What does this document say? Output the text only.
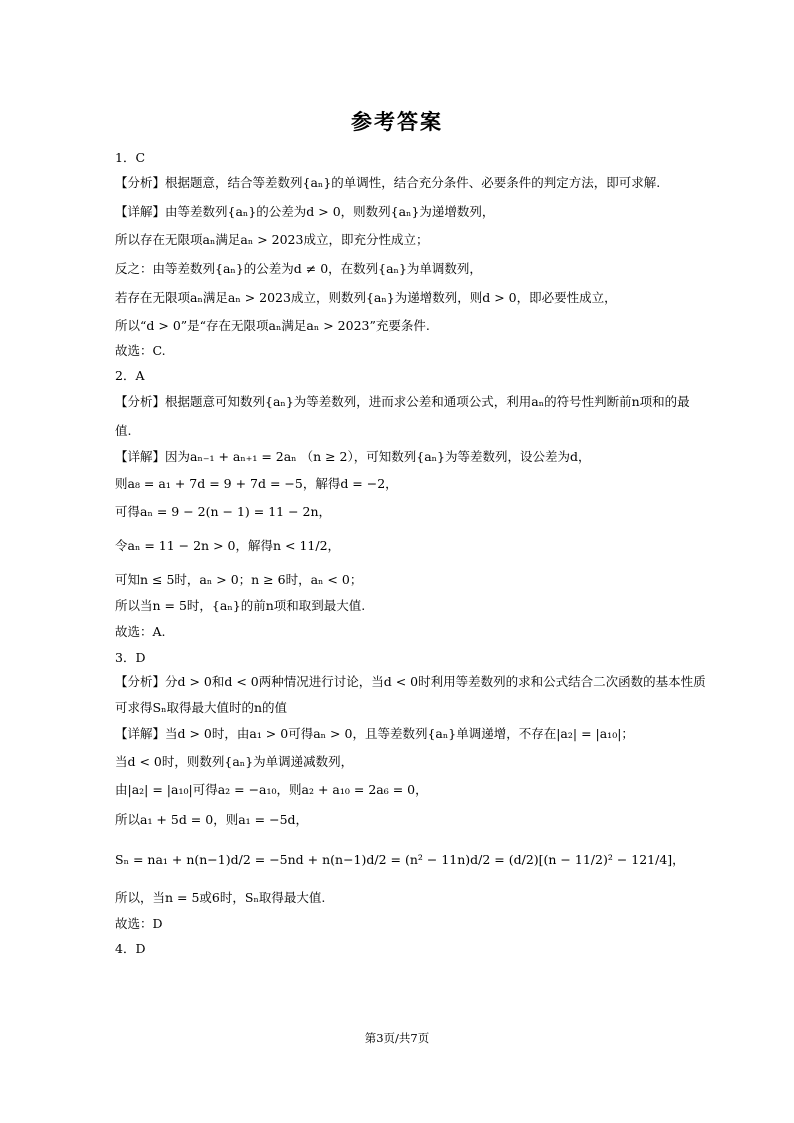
参考答案
1．C
【分析】根据题意，结合等差数列{aₙ}的单调性，结合充分条件、必要条件的判定方法，即可求解.
【详解】由等差数列{aₙ}的公差为d > 0，则数列{aₙ}为递增数列，
所以存在无限项aₙ满足aₙ > 2023成立，即充分性成立；
反之：由等差数列{aₙ}的公差为d ≠ 0，在数列{aₙ}为单调数列，
若存在无限项aₙ满足aₙ > 2023成立，则数列{aₙ}为递增数列，则d > 0，即必要性成立，
所以“d > 0”是“存在无限项aₙ满足aₙ > 2023”充要条件.
故选：C.
2．A
【分析】根据题意可知数列{aₙ}为等差数列，进而求公差和通项公式，利用aₙ的符号性判断前n项和的最
值.
【详解】因为aₙ₋₁ + aₙ₊₁ = 2aₙ （n ≥ 2），可知数列{aₙ}为等差数列，设公差为d，
则a₈ = a₁ + 7d = 9 + 7d = −5，解得d = −2，
可得aₙ = 9 − 2(n − 1) = 11 − 2n，
令aₙ = 11 − 2n > 0，解得n < 11/2，
可知n ≤ 5时，aₙ > 0；n ≥ 6时，aₙ < 0；
所以当n = 5时，{aₙ}的前n项和取到最大值.
故选：A.
3．D
【分析】分d > 0和d < 0两种情况进行讨论，当d < 0时利用等差数列的求和公式结合二次函数的基本性质
可求得Sₙ取得最大值时的n的值
【详解】当d > 0时，由a₁ > 0可得aₙ > 0，且等差数列{aₙ}单调递增，不存在|a₂| = |a₁₀|；
当d < 0时，则数列{aₙ}为单调递减数列，
由|a₂| = |a₁₀|可得a₂ = −a₁₀，则a₂ + a₁₀ = 2a₆ = 0，
所以a₁ + 5d = 0，则a₁ = −5d，
Sₙ = na₁ + n(n−1)d/2 = −5nd + n(n−1)d/2 = (n² − 11n)d/2 = (d/2)[(n − 11/2)² − 121/4]，
所以，当n = 5或6时，Sₙ取得最大值.
故选：D
4．D
第3页/共7页
